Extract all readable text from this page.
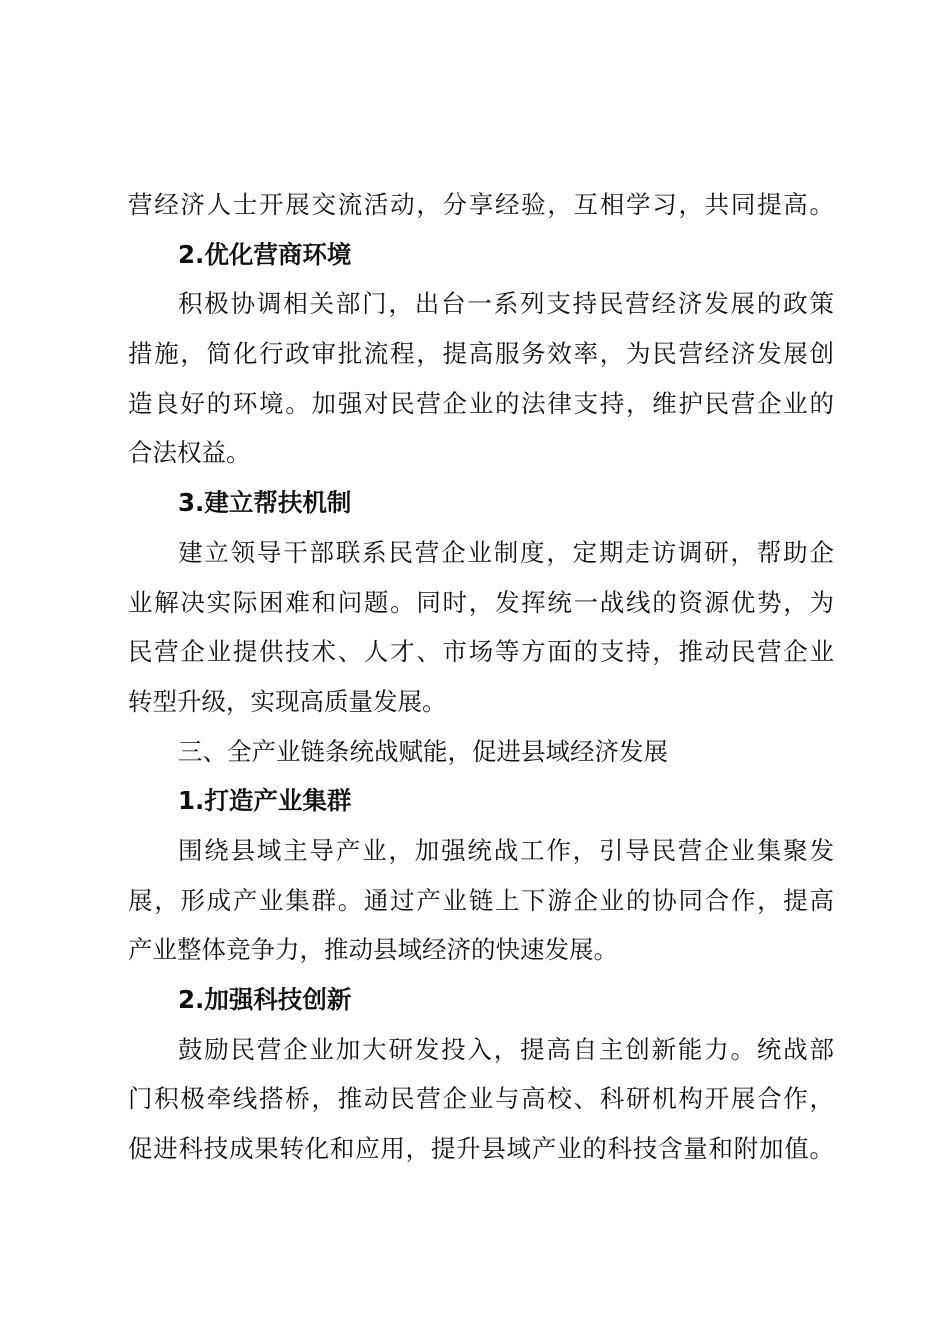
营经济人士开展交流活动，分享经验，互相学习，共同提高。

2.优化营商环境

积极协调相关部门，出台一系列支持民营经济发展的政策

措施，简化行政审批流程，提高服务效率，为民营经济发展创

造良好的环境。加强对民营企业的法律支持，维护民营企业的

合法权益。

3.建立帮扶机制

建立领导干部联系民营企业制度，定期走访调研，帮助企

业解决实际困难和问题。同时，发挥统一战线的资源优势，为

民营企业提供技术、人才、市场等方面的支持，推动民营企业

转型升级，实现高质量发展。

三、全产业链条统战赋能，促进县域经济发展

1.打造产业集群

围绕县域主导产业，加强统战工作，引导民营企业集聚发

展，形成产业集群。通过产业链上下游企业的协同合作，提高

产业整体竞争力，推动县域经济的快速发展。

2.加强科技创新

鼓励民营企业加大研发投入，提高自主创新能力。统战部

门积极牵线搭桥，推动民营企业与高校、科研机构开展合作，

促进科技成果转化和应用，提升县域产业的科技含量和附加值。
